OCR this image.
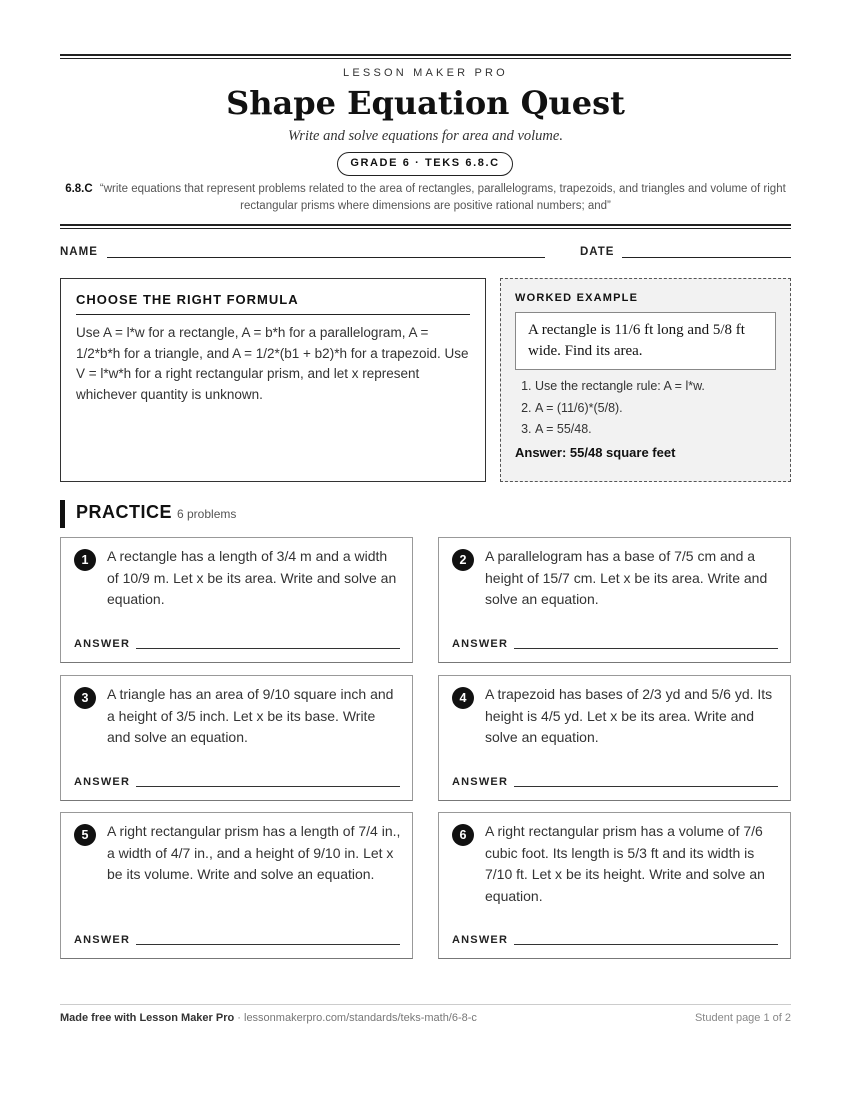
LESSON MAKER PRO
Shape Equation Quest
Write and solve equations for area and volume.
GRADE 6 · TEKS 6.8.C
6.8.C “write equations that represent problems related to the area of rectangles, parallelograms, trapezoids, and triangles and volume of right rectangular prisms where dimensions are positive rational numbers; and”
NAME	DATE
CHOOSE THE RIGHT FORMULA

Use A = l*w for a rectangle, A = b*h for a parallelogram, A = 1/2*b*h for a triangle, and A = 1/2*(b1 + b2)*h for a trapezoid. Use V = l*w*h for a right rectangular prism, and let x represent whichever quantity is unknown.

WORKED EXAMPLE
A rectangle is 11/6 ft long and 5/8 ft wide. Find its area.
1. Use the rectangle rule: A = l*w.
2. A = (11/6)*(5/8).
3. A = 55/48.
Answer: 55/48 square feet
PRACTICE 6 problems
1	A rectangle has a length of 3/4 m and a width of 10/9 m. Let x be its area. Write and solve an equation.
ANSWER
2	A parallelogram has a base of 7/5 cm and a height of 15/7 cm. Let x be its area. Write and solve an equation.
ANSWER
3	A triangle has an area of 9/10 square inch and a height of 3/5 inch. Let x be its base. Write and solve an equation.
ANSWER
4	A trapezoid has bases of 2/3 yd and 5/6 yd. Its height is 4/5 yd. Let x be its area. Write and solve an equation.
ANSWER
5	A right rectangular prism has a length of 7/4 in., a width of 4/7 in., and a height of 9/10 in. Let x be its volume. Write and solve an equation.
ANSWER
6	A right rectangular prism has a volume of 7/6 cubic foot. Its length is 5/3 ft and its width is 7/10 ft. Let x be its height. Write and solve an equation.
ANSWER
Made free with Lesson Maker Pro · lessonmakerpro.com/standards/teks-math/6-8-c	Student page 1 of 2
